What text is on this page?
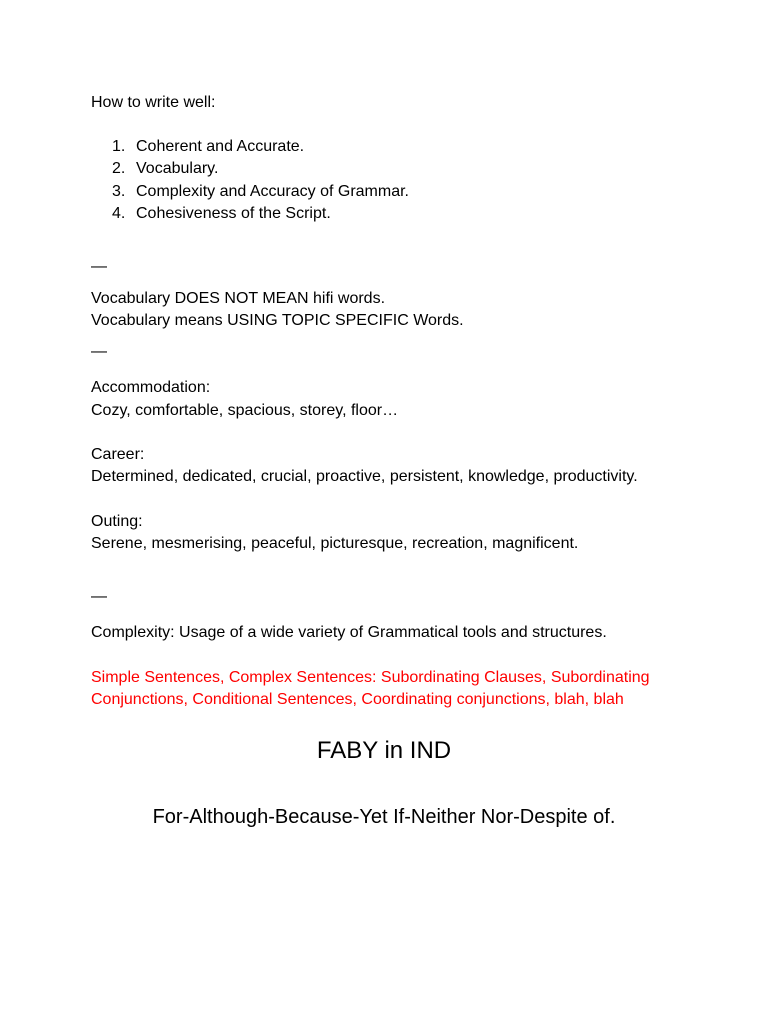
How to write well:
1. Coherent and Accurate.
2. Vocabulary.
3. Complexity and Accuracy of Grammar.
4. Cohesiveness of the Script.
—
Vocabulary DOES NOT MEAN hifi words.
Vocabulary means USING TOPIC SPECIFIC Words.
—
Accommodation:
Cozy, comfortable, spacious, storey, floor…
Career:
Determined, dedicated, crucial, proactive, persistent, knowledge, productivity.
Outing:
Serene, mesmerising, peaceful, picturesque, recreation, magnificent.
—
Complexity: Usage of a wide variety of Grammatical tools and structures.
Simple Sentences, Complex Sentences: Subordinating Clauses, Subordinating
Conjunctions, Conditional Sentences, Coordinating conjunctions, blah, blah
FABY in IND
For-Although-Because-Yet If-Neither Nor-Despite of.
